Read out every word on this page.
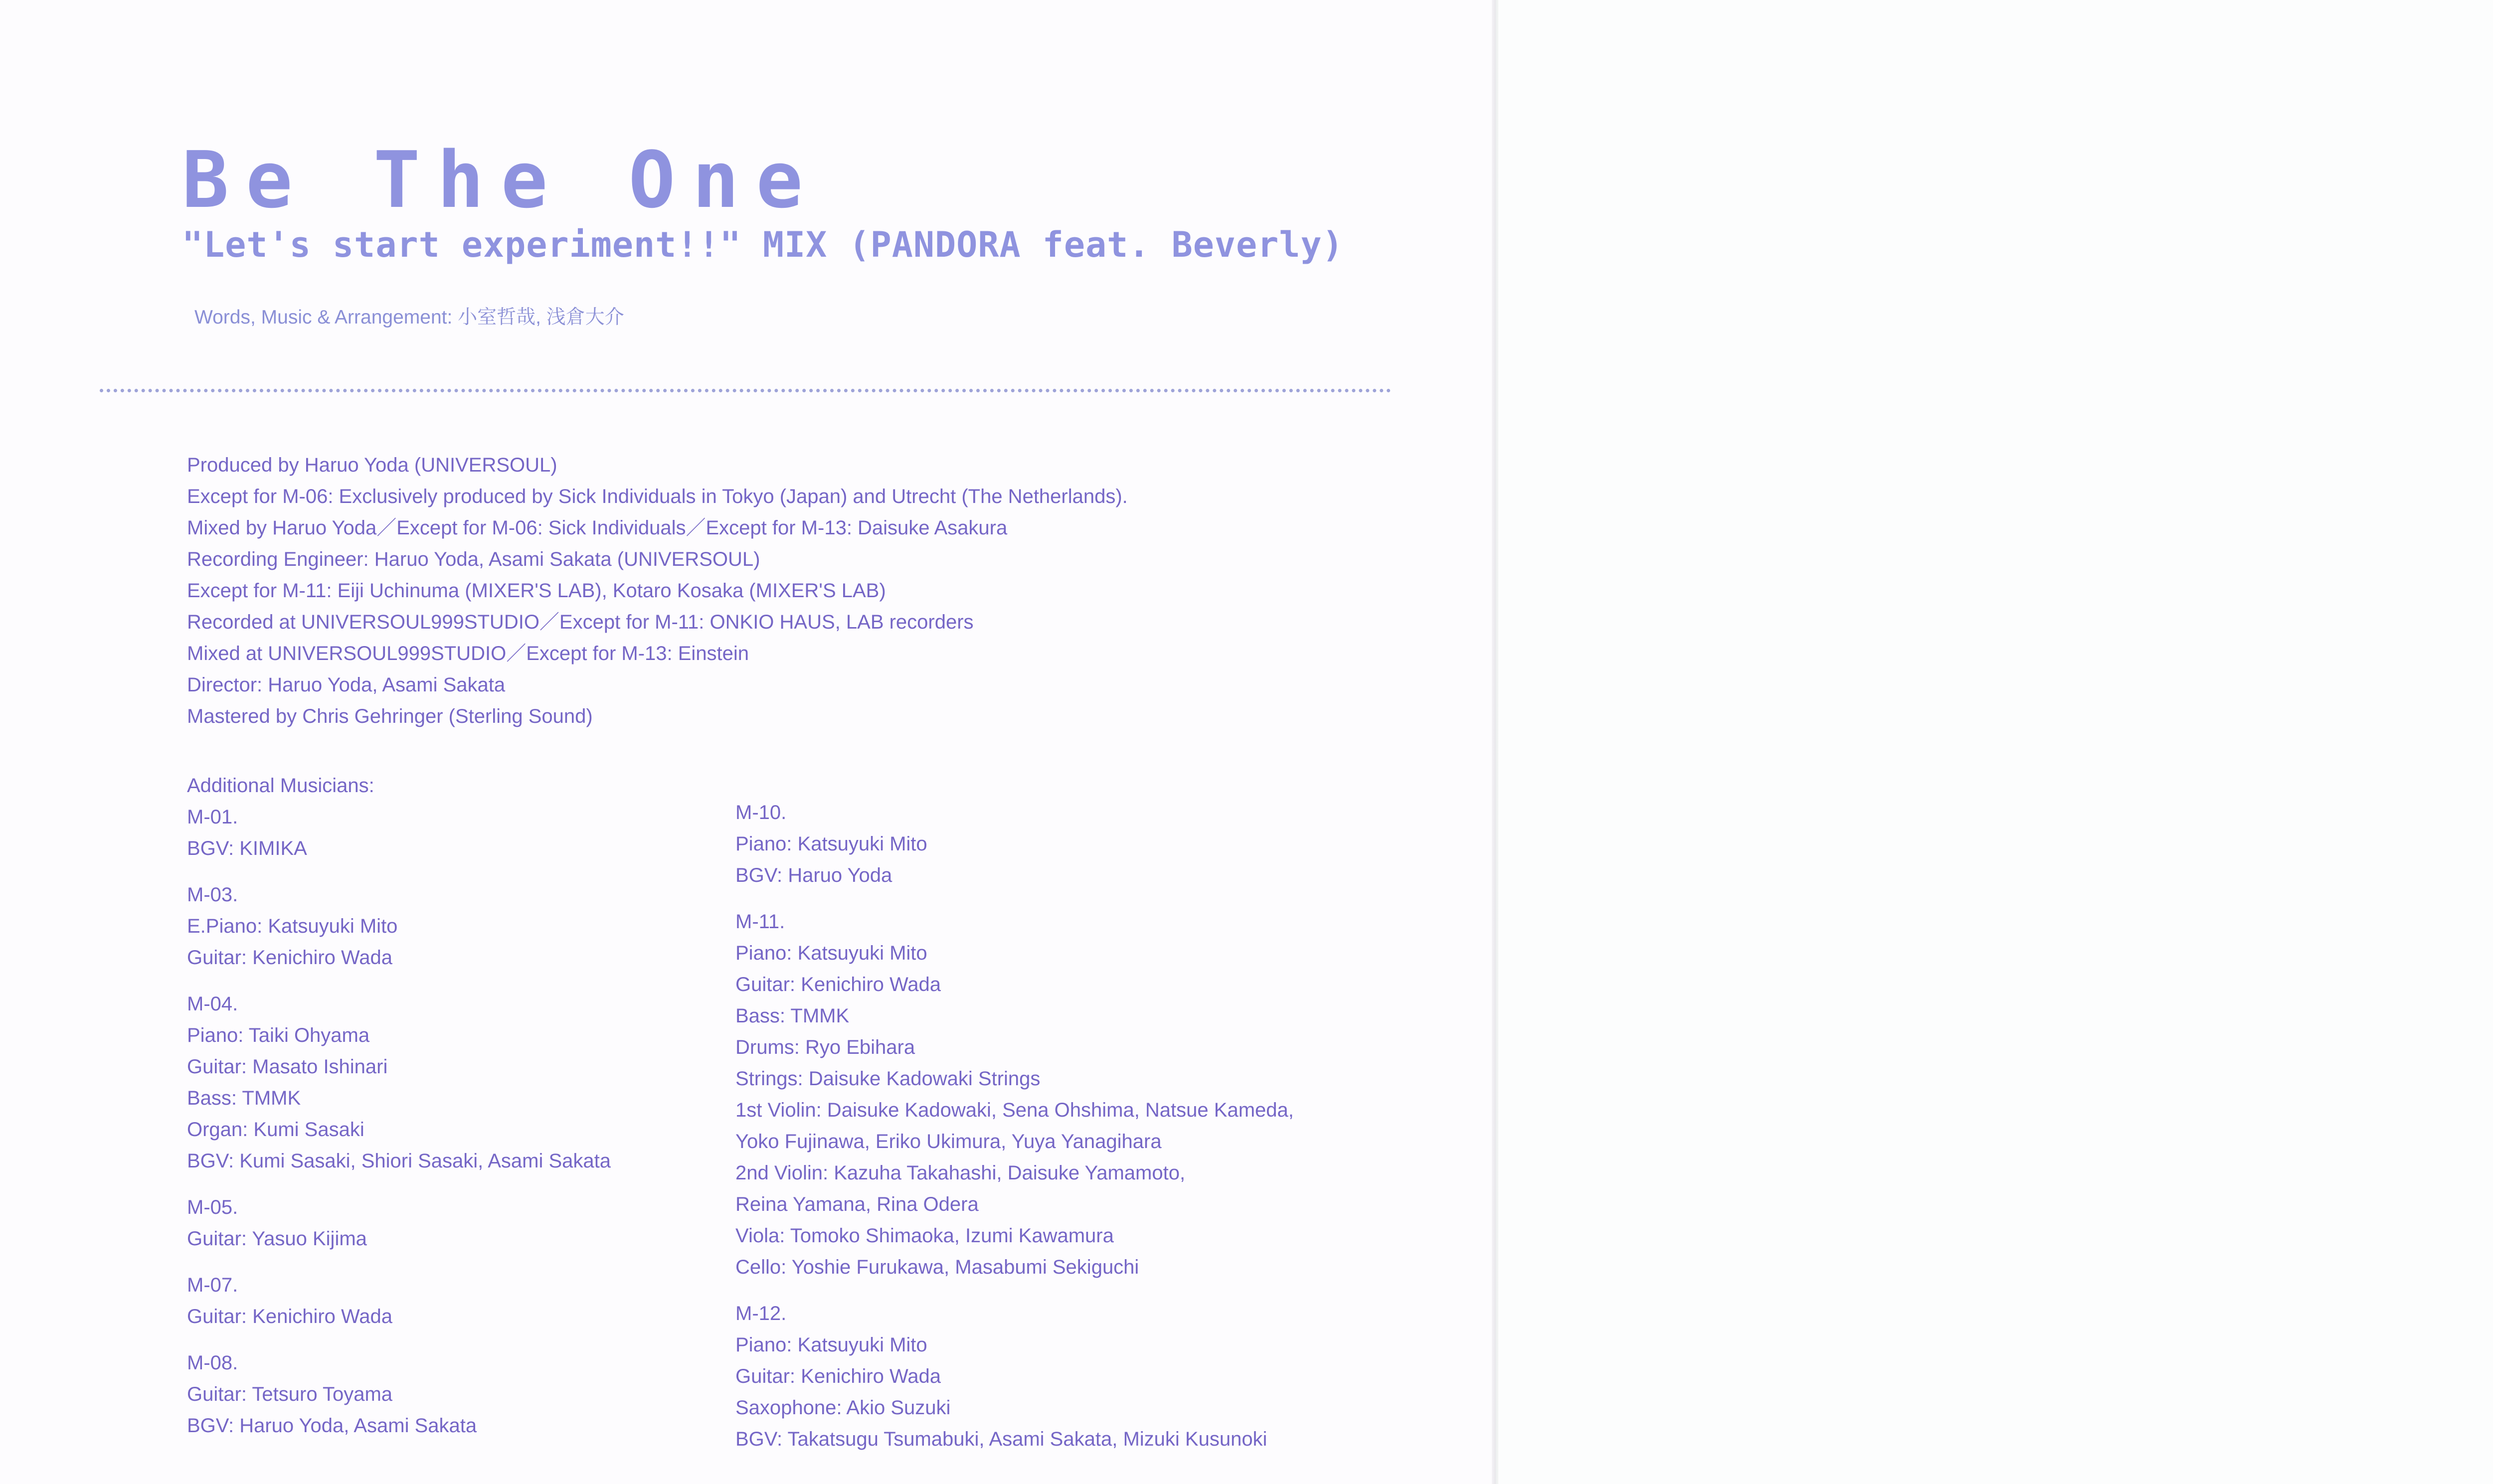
Be The One
"Let's start experiment!!" MIX (PANDORA feat. Beverly)
Words, Music & Arrangement: 小室哲哉, 浅倉大介
Produced by Haruo Yoda (UNIVERSOUL)
Except for M-06: Exclusively produced by Sick Individuals in Tokyo (Japan) and Utrecht (The Netherlands).
Mixed by Haruo Yoda／Except for M-06: Sick Individuals／Except for M-13: Daisuke Asakura
Recording Engineer: Haruo Yoda, Asami Sakata (UNIVERSOUL)
Except for M-11: Eiji Uchinuma (MIXER'S LAB), Kotaro Kosaka (MIXER'S LAB)
Recorded at UNIVERSOUL999STUDIO／Except for M-11: ONKIO HAUS, LAB recorders
Mixed at UNIVERSOUL999STUDIO／Except for M-13: Einstein
Director: Haruo Yoda, Asami Sakata
Mastered by Chris Gehringer (Sterling Sound)
Additional Musicians:
M-01.
BGV: KIMIKA
M-03.
E.Piano: Katsuyuki Mito
Guitar: Kenichiro Wada
M-04.
Piano: Taiki Ohyama
Guitar: Masato Ishinari
Bass: TMMK
Organ: Kumi Sasaki
BGV: Kumi Sasaki, Shiori Sasaki, Asami Sakata
M-05.
Guitar: Yasuo Kijima
M-07.
Guitar: Kenichiro Wada
M-08.
Guitar: Tetsuro Toyama
BGV: Haruo Yoda, Asami Sakata
M-10.
Piano: Katsuyuki Mito
BGV: Haruo Yoda
M-11.
Piano: Katsuyuki Mito
Guitar: Kenichiro Wada
Bass: TMMK
Drums: Ryo Ebihara
Strings: Daisuke Kadowaki Strings
1st Violin: Daisuke Kadowaki, Sena Ohshima, Natsue Kameda,
Yoko Fujinawa, Eriko Ukimura, Yuya Yanagihara
2nd Violin: Kazuha Takahashi, Daisuke Yamamoto,
Reina Yamana, Rina Odera
Viola: Tomoko Shimaoka, Izumi Kawamura
Cello: Yoshie Furukawa, Masabumi Sekiguchi
M-12.
Piano: Katsuyuki Mito
Guitar: Kenichiro Wada
Saxophone: Akio Suzuki
BGV: Takatsugu Tsumabuki, Asami Sakata, Mizuki Kusunoki
